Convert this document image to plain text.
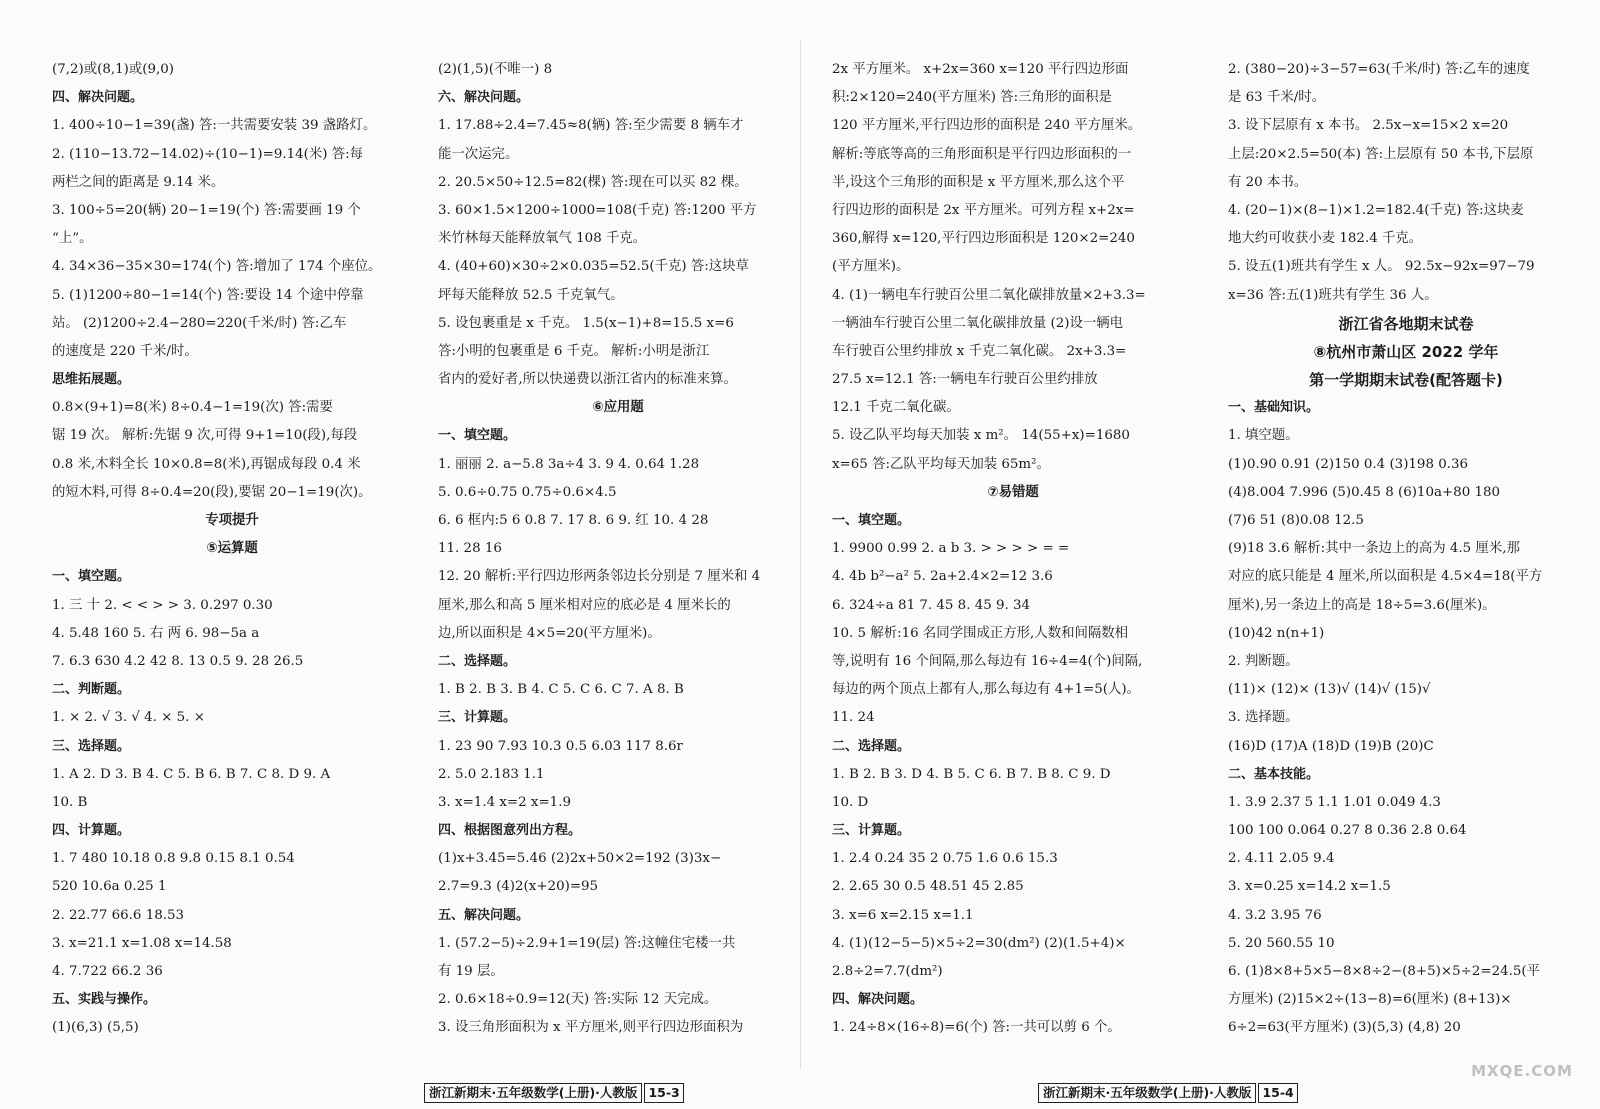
(7,2)或(8,1)或(9,0)
四、解决问题。
1. 400÷10−1=39(盏) 答:一共需要安装 39 盏路灯。
2. (110−13.72−14.02)÷(10−1)=9.14(米) 答:每
两栏之间的距离是 9.14 米。
3. 100÷5=20(辆) 20−1=19(个) 答:需要画 19 个
“上”。
4. 34×36−35×30=174(个) 答:增加了 174 个座位。
5. (1)1200÷80−1=14(个) 答:要设 14 个途中停靠
站。 (2)1200÷2.4−280=220(千米/时) 答:乙车
的速度是 220 千米/时。
思维拓展题。
0.8×(9+1)=8(米) 8÷0.4−1=19(次) 答:需要
锯 19 次。 解析:先锯 9 次,可得 9+1=10(段),每段
0.8 米,木料全长 10×0.8=8(米),再锯成每段 0.4 米
的短木料,可得 8÷0.4=20(段),要锯 20−1=19(次)。
专项提升
⑤运算题
一、填空题。
1. 三 十 2. < < > > 3. 0.297 0.30
4. 5.48 160 5. 右 两 6. 98−5a a
7. 6.3 630 4.2 42 8. 13 0.5 9. 28 26.5
二、判断题。
1. × 2. √ 3. √ 4. × 5. ×
三、选择题。
1. A 2. D 3. B 4. C 5. B 6. B 7. C 8. D 9. A
10. B
四、计算题。
1. 7 480 10.18 0.8 9.8 0.15 8.1 0.54
520 10.6a 0.25 1
2. 22.77 66.6 18.53
3. x=21.1 x=1.08 x=14.58
4. 7.722 66.2 36
五、实践与操作。
(1)(6,3) (5,5)
(2)(1,5)(不唯一) 8
六、解决问题。
1. 17.88÷2.4=7.45≈8(辆) 答:至少需要 8 辆车才
能一次运完。
2. 20.5×50÷12.5=82(棵) 答:现在可以买 82 棵。
3. 60×1.5×1200÷1000=108(千克) 答:1200 平方
米竹林每天能释放氧气 108 千克。
4. (40+60)×30÷2×0.035=52.5(千克) 答:这块草
坪每天能释放 52.5 千克氧气。
5. 设包裹重是 x 千克。 1.5(x−1)+8=15.5 x=6
答:小明的包裹重是 6 千克。 解析:小明是浙江
省内的爱好者,所以快递费以浙江省内的标准来算。
⑥应用题
一、填空题。
1. 丽丽 2. a−5.8 3a÷4 3. 9 4. 0.64 1.28
5. 0.6÷0.75 0.75÷0.6×4.5
6. 6 框内:5 6 0.8 7. 17 8. 6 9. 红 10. 4 28
11. 28 16
12. 20 解析:平行四边形两条邻边长分别是 7 厘米和 4
厘米,那么和高 5 厘米相对应的底必是 4 厘米长的
边,所以面积是 4×5=20(平方厘米)。
二、选择题。
1. B 2. B 3. B 4. C 5. C 6. C 7. A 8. B
三、计算题。
1. 23 90 7.93 10.3 0.5 6.03 117 8.6r
2. 5.0 2.183 1.1
3. x=1.4 x=2 x=1.9
四、根据图意列出方程。
(1)x+3.45=5.46 (2)2x+50×2=192 (3)3x−
2.7=9.3 (4)2(x+20)=95
五、解决问题。
1. (57.2−5)÷2.9+1=19(层) 答:这幢住宅楼一共
有 19 层。
2. 0.6×18÷0.9=12(天) 答:实际 12 天完成。
3. 设三角形面积为 x 平方厘米,则平行四边形面积为
2x 平方厘米。 x+2x=360 x=120 平行四边形面
积:2×120=240(平方厘米) 答:三角形的面积是
120 平方厘米,平行四边形的面积是 240 平方厘米。
解析:等底等高的三角形面积是平行四边形面积的一
半,设这个三角形的面积是 x 平方厘米,那么这个平
行四边形的面积是 2x 平方厘米。可列方程 x+2x=
360,解得 x=120,平行四边形面积是 120×2=240
(平方厘米)。
4. (1)一辆电车行驶百公里二氧化碳排放量×2+3.3=
一辆油车行驶百公里二氧化碳排放量 (2)设一辆电
车行驶百公里约排放 x 千克二氧化碳。 2x+3.3=
27.5 x=12.1 答:一辆电车行驶百公里约排放
12.1 千克二氧化碳。
5. 设乙队平均每天加装 x m²。 14(55+x)=1680
x=65 答:乙队平均每天加装 65m²。
⑦易错题
一、填空题。
1. 9900 0.99 2. a b 3. > > > > = =
4. 4b b²−a² 5. 2a+2.4×2=12 3.6
6. 324÷a 81 7. 45 8. 45 9. 34
10. 5 解析:16 名同学围成正方形,人数和间隔数相
等,说明有 16 个间隔,那么每边有 16÷4=4(个)间隔,
每边的两个顶点上都有人,那么每边有 4+1=5(人)。
11. 24
二、选择题。
1. B 2. B 3. D 4. B 5. C 6. B 7. B 8. C 9. D
10. D
三、计算题。
1. 2.4 0.24 35 2 0.75 1.6 0.6 15.3
2. 2.65 30 0.5 48.51 45 2.85
3. x=6 x=2.15 x=1.1
4. (1)(12−5−5)×5÷2=30(dm²) (2)(1.5+4)×
2.8÷2=7.7(dm²)
四、解决问题。
1. 24÷8×(16÷8)=6(个) 答:一共可以剪 6 个。
2. (380−20)÷3−57=63(千米/时) 答:乙车的速度
是 63 千米/时。
3. 设下层原有 x 本书。 2.5x−x=15×2 x=20
上层:20×2.5=50(本) 答:上层原有 50 本书,下层原
有 20 本书。
4. (20−1)×(8−1)×1.2=182.4(千克) 答:这块麦
地大约可收获小麦 182.4 千克。
5. 设五(1)班共有学生 x 人。 92.5x−92x=97−79
x=36 答:五(1)班共有学生 36 人。
浙江省各地期末试卷
⑧杭州市萧山区 2022 学年
第一学期期末试卷(配答题卡)
一、基础知识。
1. 填空题。
(1)0.90 0.91 (2)150 0.4 (3)198 0.36
(4)8.004 7.996 (5)0.45 8 (6)10a+80 180
(7)6 51 (8)0.08 12.5
(9)18 3.6 解析:其中一条边上的高为 4.5 厘米,那
对应的底只能是 4 厘米,所以面积是 4.5×4=18(平方
厘米),另一条边上的高是 18÷5=3.6(厘米)。
(10)42 n(n+1)
2. 判断题。
(11)× (12)× (13)√ (14)√ (15)√
3. 选择题。
(16)D (17)A (18)D (19)B (20)C
二、基本技能。
1. 3.9 2.37 5 1.1 1.01 0.049 4.3
100 100 0.064 0.27 8 0.36 2.8 0.64
2. 4.11 2.05 9.4
3. x=0.25 x=14.2 x=1.5
4. 3.2 3.95 76
5. 20 560.55 10
6. (1)8×8+5×5−8×8÷2−(8+5)×5÷2=24.5(平
方厘米) (2)15×2÷(13−8)=6(厘米) (8+13)×
6÷2=63(平方厘米) (3)(5,3) (4,8) 20
浙江新期末·五年级数学(上册)·人教版 15-3	浙江新期末·五年级数学(上册)·人教版 15-4
MXQE.COM
